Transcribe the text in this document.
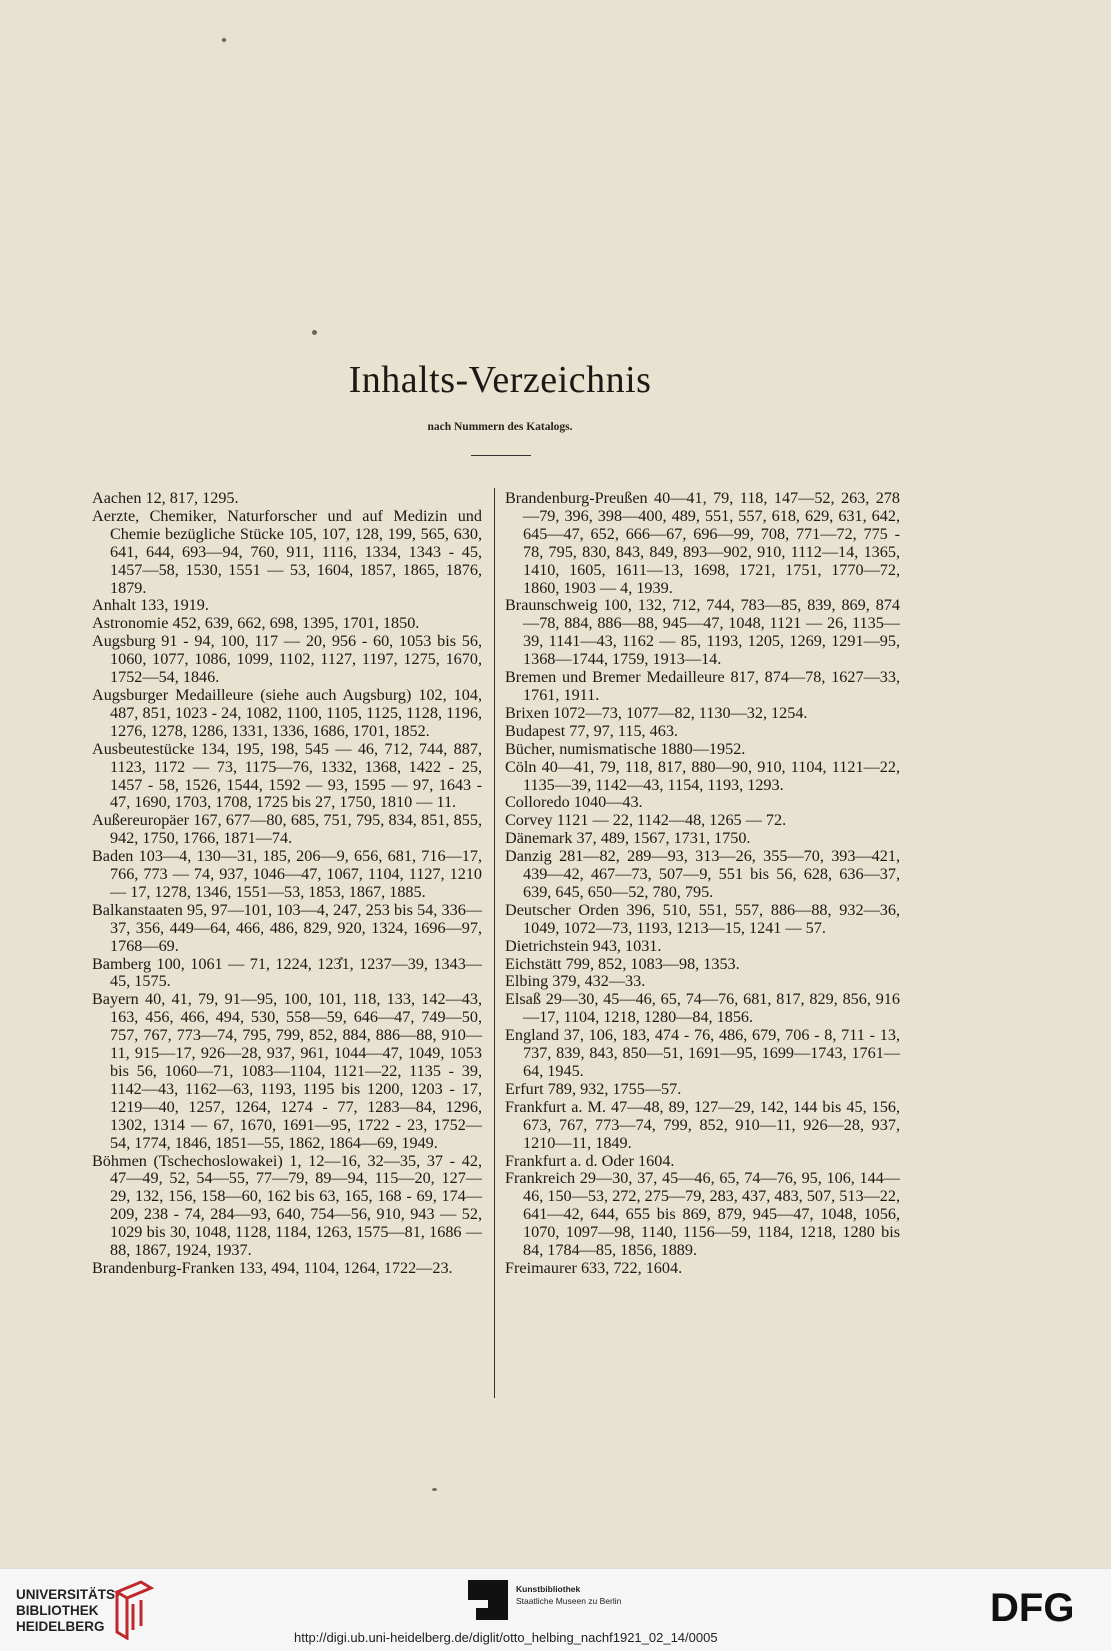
Inhalts-Verzeichnis
nach Nummern des Katalogs.

Aachen 12, 817, 1295.

Aerzte, Chemiker, Naturforscher und auf Medizin und Chemie bezügliche Stücke 105, 107, 128, 199, 565, 630, 641, 644, 693—94, 760, 911, 1116, 1334, 1343 - 45, 1457—58, 1530, 1551 — 53, 1604, 1857, 1865, 1876, 1879.

Anhalt 133, 1919.

Astronomie 452, 639, 662, 698, 1395, 1701, 1850.

Augsburg 91 - 94, 100, 117 — 20, 956 - 60, 1053 bis 56, 1060, 1077, 1086, 1099, 1102, 1127, 1197, 1275, 1670, 1752—54, 1846.

Augsburger Medailleure (siehe auch Augsburg) 102, 104, 487, 851, 1023 - 24, 1082, 1100, 1105, 1125, 1128, 1196, 1276, 1278, 1286, 1331, 1336, 1686, 1701, 1852.

Ausbeutestücke 134, 195, 198, 545 — 46, 712, 744, 887, 1123, 1172 — 73, 1175—76, 1332, 1368, 1422 - 25, 1457 - 58, 1526, 1544, 1592 — 93, 1595 — 97, 1643 - 47, 1690, 1703, 1708, 1725 bis 27, 1750, 1810 — 11.

Außereuropäer 167, 677—80, 685, 751, 795, 834, 851, 855, 942, 1750, 1766, 1871—74.

Baden 103—4, 130—31, 185, 206—9, 656, 681, 716—17, 766, 773 — 74, 937, 1046—47, 1067, 1104, 1127, 1210 — 17, 1278, 1346, 1551—53, 1853, 1867, 1885.

Balkanstaaten 95, 97—101, 103—4, 247, 253 bis 54, 336—37, 356, 449—64, 466, 486, 829, 920, 1324, 1696—97, 1768—69.

Bamberg 100, 1061 — 71, 1224, 1231, 1237—39, 1343—45, 1575.

Bayern 40, 41, 79, 91—95, 100, 101, 118, 133, 142—43, 163, 456, 466, 494, 530, 558—59, 646—47, 749—50, 757, 767, 773—74, 795, 799, 852, 884, 886—88, 910—11, 915—17, 926—28, 937, 961, 1044—47, 1049, 1053 bis 56, 1060—71, 1083—1104, 1121—22, 1135 - 39, 1142—43, 1162—63, 1193, 1195 bis 1200, 1203 - 17, 1219—40, 1257, 1264, 1274 - 77, 1283—84, 1296, 1302, 1314 — 67, 1670, 1691—95, 1722 - 23, 1752—54, 1774, 1846, 1851—55, 1862, 1864—69, 1949.

Böhmen (Tschechoslowakei) 1, 12—16, 32—35, 37 - 42, 47—49, 52, 54—55, 77—79, 89—94, 115—20, 127—29, 132, 156, 158—60, 162 bis 63, 165, 168 - 69, 174—209, 238 - 74, 284—93, 640, 754—56, 910, 943 — 52, 1029 bis 30, 1048, 1128, 1184, 1263, 1575—81, 1686 — 88, 1867, 1924, 1937.

Brandenburg-Franken 133, 494, 1104, 1264, 1722—23.

Brandenburg-Preußen 40—41, 79, 118, 147—52, 263, 278—79, 396, 398—400, 489, 551, 557, 618, 629, 631, 642, 645—47, 652, 666—67, 696—99, 708, 771—72, 775 - 78, 795, 830, 843, 849, 893—902, 910, 1112—14, 1365, 1410, 1605, 1611—13, 1698, 1721, 1751, 1770—72, 1860, 1903 — 4, 1939.

Braunschweig 100, 132, 712, 744, 783—85, 839, 869, 874—78, 884, 886—88, 945—47, 1048, 1121 — 26, 1135—39, 1141—43, 1162 — 85, 1193, 1205, 1269, 1291—95, 1368—1744, 1759, 1913—14.

Bremen und Bremer Medailleure 817, 874—78, 1627—33, 1761, 1911.

Brixen 1072—73, 1077—82, 1130—32, 1254.

Budapest 77, 97, 115, 463.

Bücher, numismatische 1880—1952.

Cöln 40—41, 79, 118, 817, 880—90, 910, 1104, 1121—22, 1135—39, 1142—43, 1154, 1193, 1293.

Colloredo 1040—43.

Corvey 1121 — 22, 1142—48, 1265 — 72.

Dänemark 37, 489, 1567, 1731, 1750.

Danzig 281—82, 289—93, 313—26, 355—70, 393—421, 439—42, 467—73, 507—9, 551 bis 56, 628, 636—37, 639, 645, 650—52, 780, 795.

Deutscher Orden 396, 510, 551, 557, 886—88, 932—36, 1049, 1072—73, 1193, 1213—15, 1241 — 57.

Dietrichstein 943, 1031.

Eichstätt 799, 852, 1083—98, 1353.

Elbing 379, 432—33.

Elsaß 29—30, 45—46, 65, 74—76, 681, 817, 829, 856, 916—17, 1104, 1218, 1280—84, 1856.

England 37, 106, 183, 474 - 76, 486, 679, 706 - 8, 711 - 13, 737, 839, 843, 850—51, 1691—95, 1699—1743, 1761—64, 1945.

Erfurt 789, 932, 1755—57.

Frankfurt a. M. 47—48, 89, 127—29, 142, 144 bis 45, 156, 673, 767, 773—74, 799, 852, 910—11, 926—28, 937, 1210—11, 1849.

Frankfurt a. d. Oder 1604.

Frankreich 29—30, 37, 45—46, 65, 74—76, 95, 106, 144—46, 150—53, 272, 275—79, 283, 437, 483, 507, 513—22, 641—42, 644, 655 bis 869, 879, 945—47, 1048, 1056, 1070, 1097—98, 1140, 1156—59, 1184, 1218, 1280 bis 84, 1784—85, 1856, 1889.

Freimaurer 633, 722, 1604.

UNIVERSITÄTS-
BIBLIOTHEK
HEIDELBERG
Kunstbibliothek
Staatliche Museen zu Berlin	DFG
http://digi.ub.uni-heidelberg.de/diglit/otto_helbing_nachf1921_02_14/0005
